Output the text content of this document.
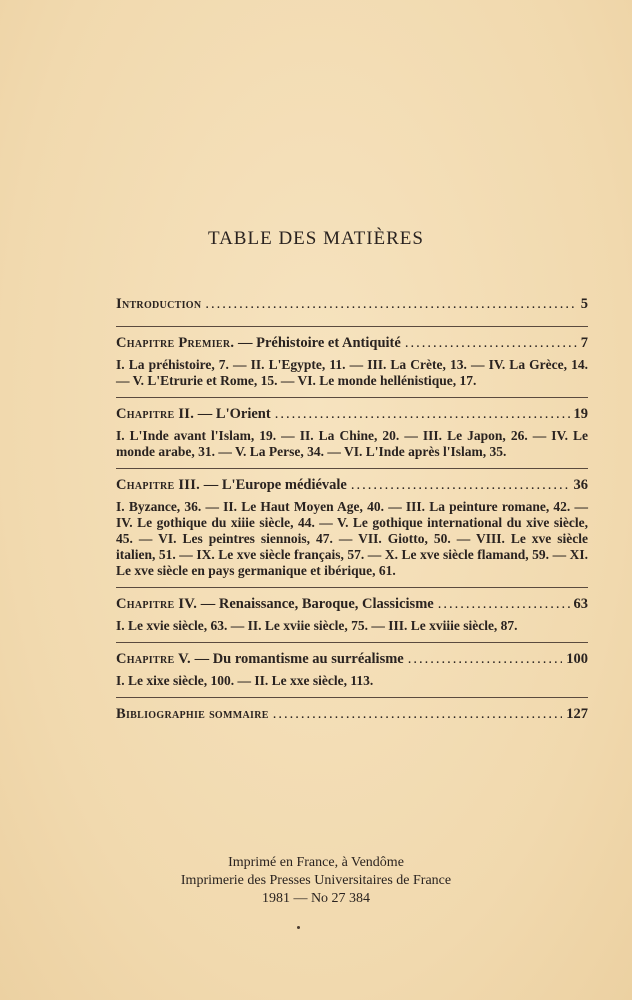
TABLE DES MATIÈRES
Introduction .....	5
Chapitre Premier. — Préhistoire et Antiquité .....	7
I. La préhistoire, 7. — II. L'Egypte, 11. — III. La Crète, 13. — IV. La Grèce, 14. — V. L'Etrurie et Rome, 15. — VI. Le monde hellénistique, 17.
Chapitre II. — L'Orient .....	19
I. L'Inde avant l'Islam, 19. — II. La Chine, 20. — III. Le Japon, 26. — IV. Le monde arabe, 31. — V. La Perse, 34. — VI. L'Inde après l'Islam, 35.
Chapitre III. — L'Europe médiévale .....	36
I. Byzance, 36. — II. Le Haut Moyen Age, 40. — III. La peinture romane, 42. — IV. Le gothique du xiiie siècle, 44. — V. Le gothique international du xive siècle, 45. — VI. Les peintres siennois, 47. — VII. Giotto, 50. — VIII. Le xve siècle italien, 51. — IX. Le xve siècle français, 57. — X. Le xve siècle flamand, 59. — XI. Le xve siècle en pays germanique et ibérique, 61.
Chapitre IV. — Renaissance, Baroque, Classicisme .....	63
I. Le xvie siècle, 63. — II. Le xviie siècle, 75. — III. Le xviiie siècle, 87.
Chapitre V. — Du romantisme au surréalisme .....	100
I. Le xixe siècle, 100. — II. Le xxe siècle, 113.
Bibliographie sommaire .....	127
Imprimé en France, à Vendôme
Imprimerie des Presses Universitaires de France
1981 — No 27 384
